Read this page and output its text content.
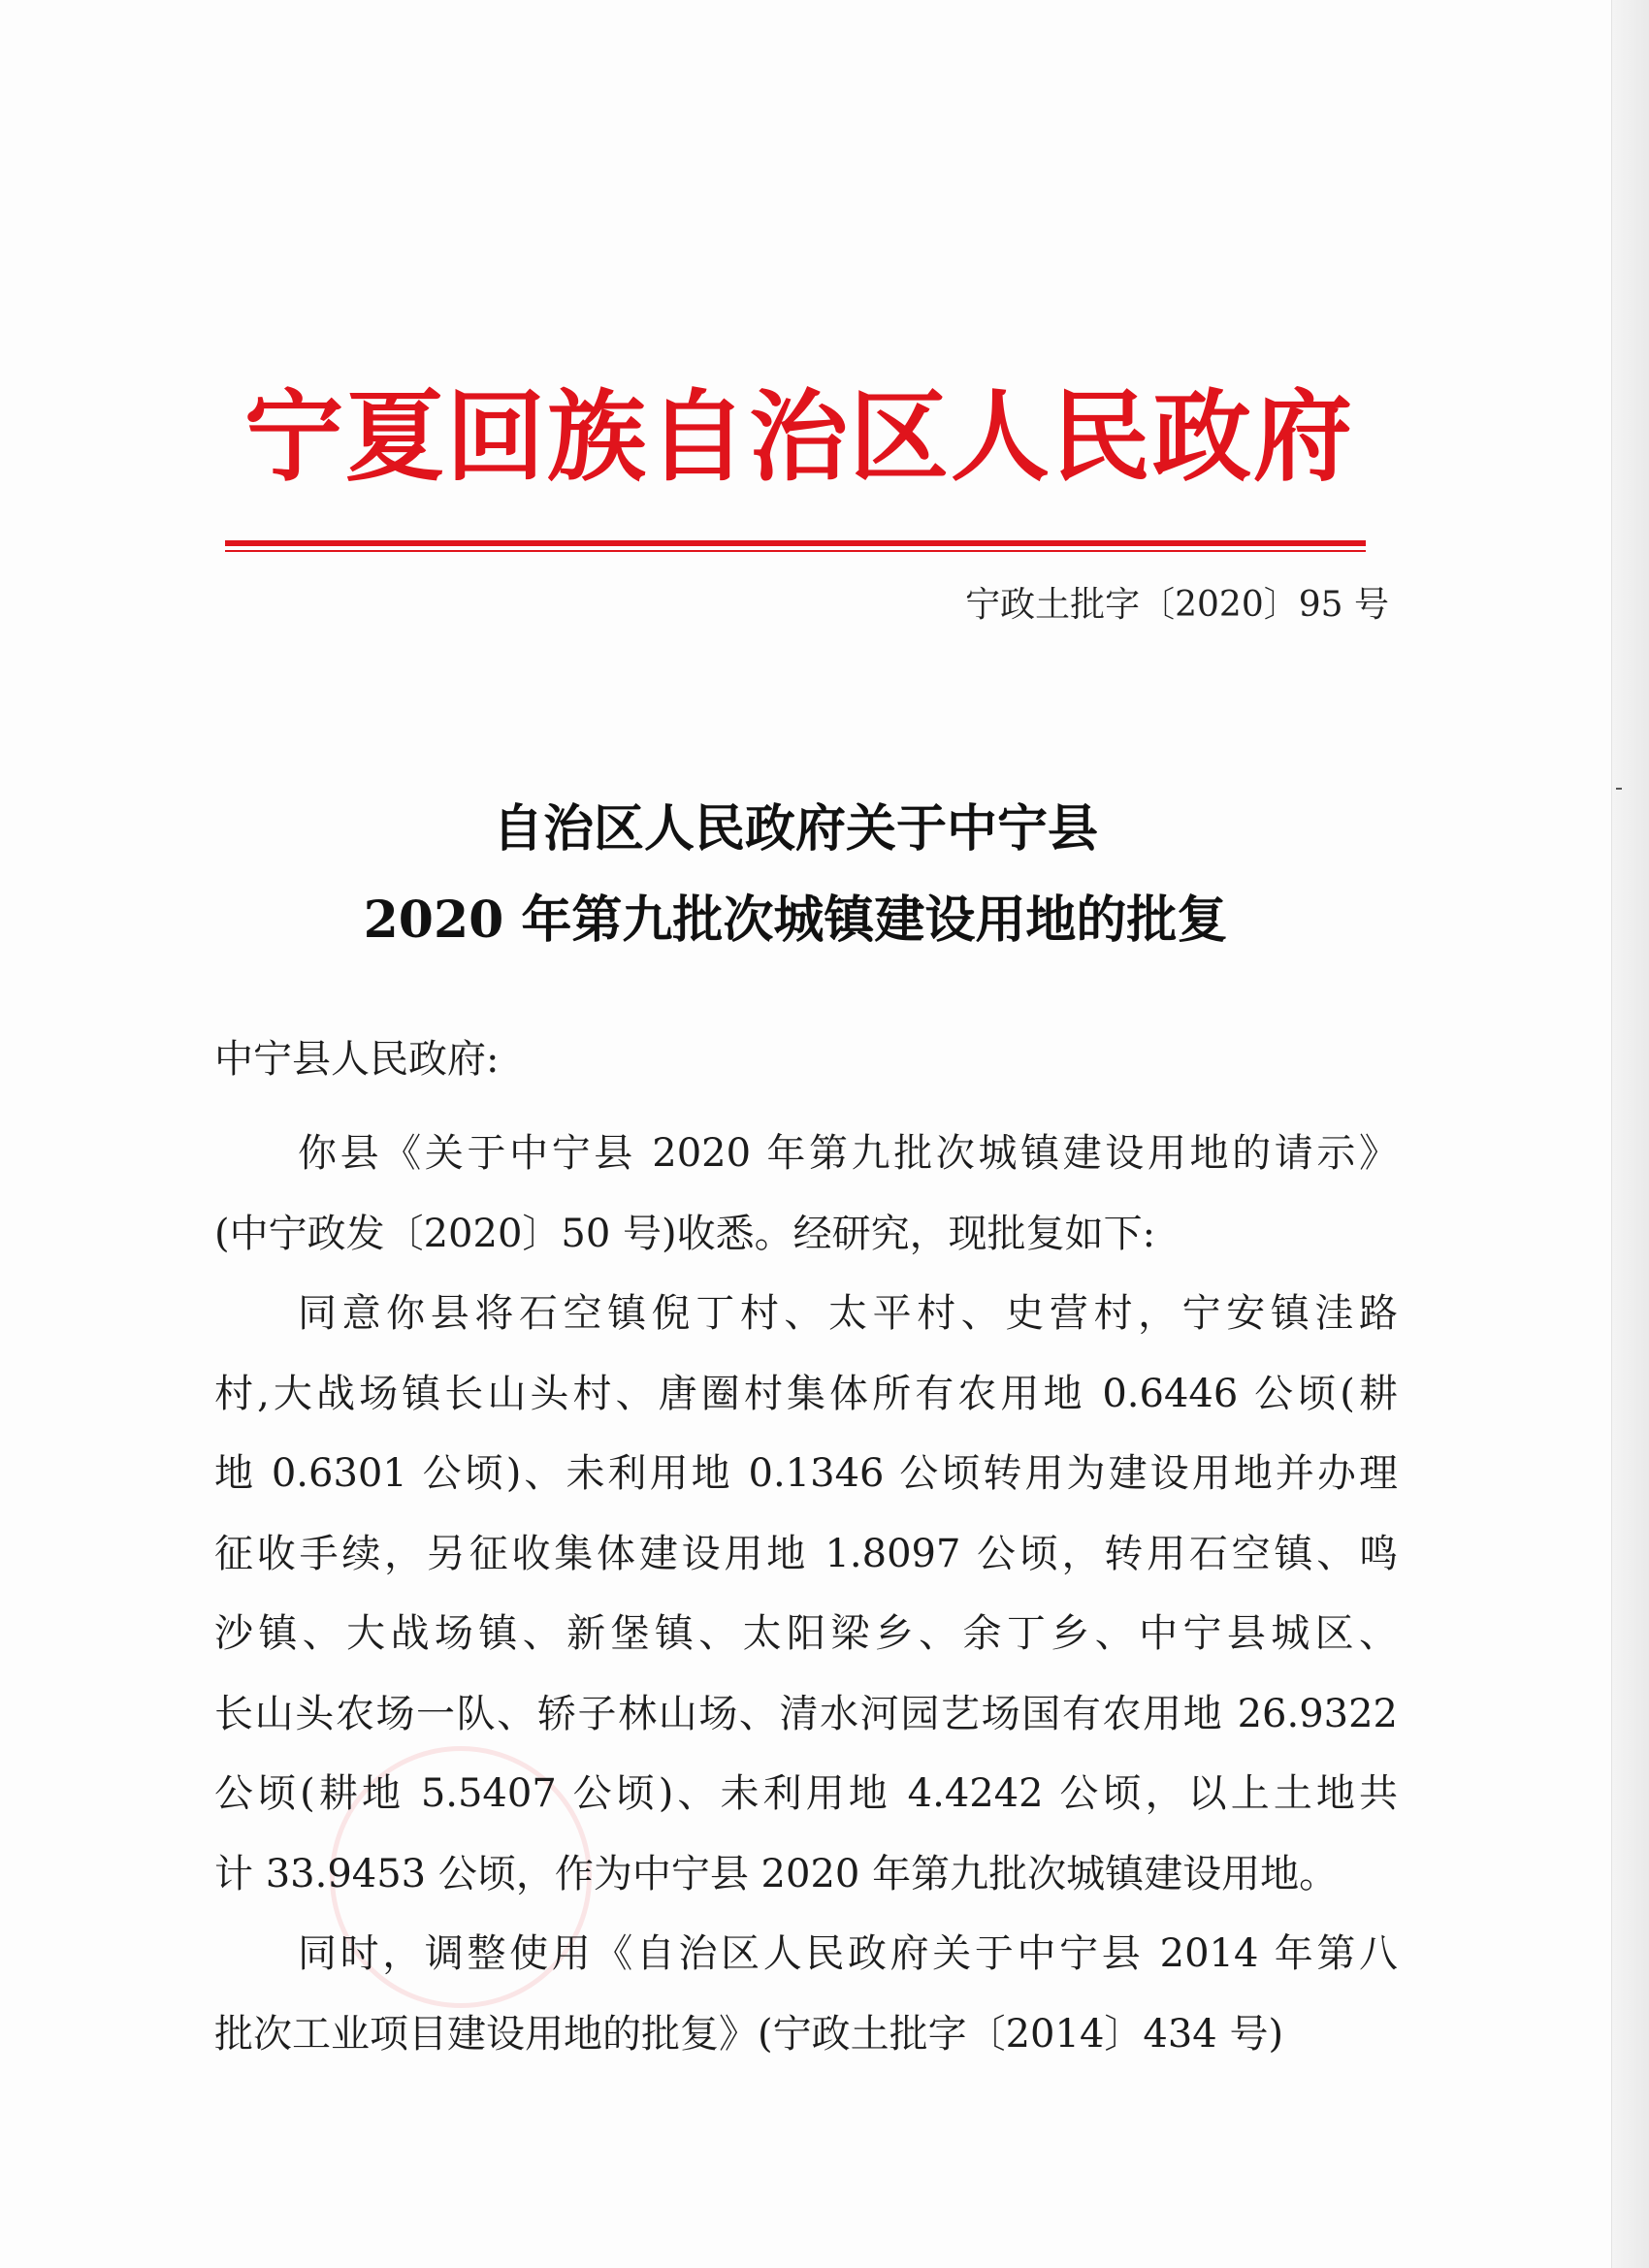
宁夏回族自治区人民政府
宁政土批字〔2020〕95 号
自治区人民政府关于中宁县
2020 年第九批次城镇建设用地的批复
中宁县人民政府:
你县《关于中宁县 2020 年第九批次城镇建设用地的请示》
(中宁政发〔2020〕50 号)收悉。经研究，现批复如下:
同意你县将石空镇倪丁村、太平村、史营村，宁安镇洼路
村,大战场镇长山头村、唐圈村集体所有农用地 0.6446 公顷(耕
地 0.6301 公顷)、未利用地 0.1346 公顷转用为建设用地并办理
征收手续，另征收集体建设用地 1.8097 公顷，转用石空镇、鸣
沙镇、大战场镇、新堡镇、太阳梁乡、余丁乡、中宁县城区、
长山头农场一队、轿子林山场、清水河园艺场国有农用地 26.9322
公顷(耕地 5.5407 公顷)、未利用地 4.4242 公顷，以上土地共
计 33.9453 公顷，作为中宁县 2020 年第九批次城镇建设用地。
同时，调整使用《自治区人民政府关于中宁县 2014 年第八
批次工业项目建设用地的批复》(宁政土批字〔2014〕434 号)
